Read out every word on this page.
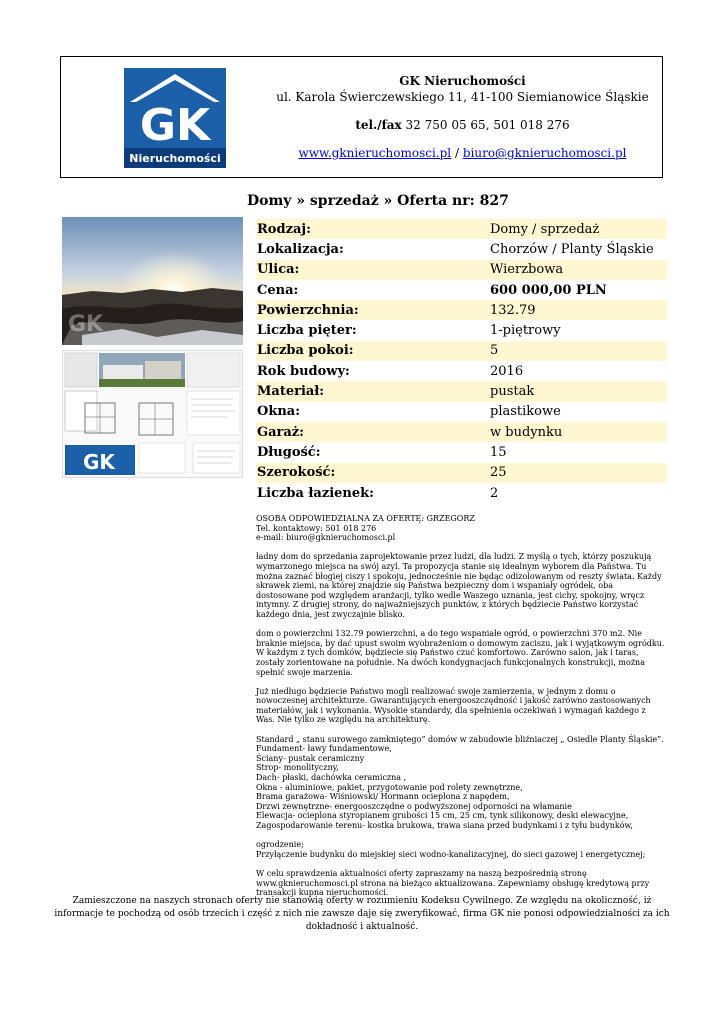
GK
Nieruchomości
GK Nieruchomości
ul. Karola Świerczewskiego 11, 41-100 Siemianowice Śląskie
tel./fax 32 750 05 65, 501 018 276
www.gknieruchomosci.pl / biuro@gknieruchomosci.pl
Domy » sprzedaż » Oferta nr: 827
GK
GK
Rodzaj:	Domy / sprzedaż
Lokalizacja:	Chorzów / Planty Śląskie
Ulica:	Wierzbowa
Cena:	600 000,00 PLN
Powierzchnia:	132.79
Liczba pięter:	1-piętrowy
Liczba pokoi:	5
Rok budowy:	2016
Materiał:	pustak
Okna:	plastikowe
Garaż:	w budynku
Długość:	15
Szerokość:	25
Liczba łazienek:	2

OSOBA ODPOWIEDZIALNA ZA OFERTĘ: GRZEGORZ
Tel. kontaktowy: 501 018 276
e-mail: biuro@gknieruchomosci.pl

ładny dom do sprzedania zaprojektowanie przez ludzi, dla ludzi. Z myślą o tych, którzy poszukują wymarzonego miejsca na swój azyl. Ta propozycja stanie się idealnym wyborem dla Państwa. Tu można zaznać błogiej ciszy i spokoju, jednocześnie nie będąc odizolowanym od reszty świata. Każdy skrawek ziemi, na której znajdzie się Państwa bezpieczny dom i wspaniały ogródek, oba dostosowane pod względem aranżacji, tylko wedle Waszego uznania, jest cichy, spokojny, wręcz intymny. Z drugiej strony, do najważniejszych punktów, z których będziecie Państwo korzystać każdego dnia, jest zwyczajnie blisko.

dom o powierzchni 132.79 powierzchni, a do tego wspaniałe ogród, o powierzchni 370 m2. Nie braknie miejsca, by dać upust swoim wyobrażeniom o domowym zaciszu, jak i wyjątkowym ogródku. W każdym z tych domków, będziecie się Państwo czuć komfortowo. Zarówno salon, jak i taras, zostały zorientowane na południe. Na dwóch kondygnacjach funkcjonalnych konstrukcji, można spełnić swoje marzenia.

Już niedługo będziecie Państwo mogli realizować swoje zamierzenia, w jednym z domu o nowoczesnej architekturze. Gwarantujących energooszczędność i jakość zarówno zastosowanych materiałów, jak i wykonania. Wysokie standardy, dla spełnienia oczekiwań i wymagań każdego z Was. Nie tylko ze względu na architekturę.

Standard „ stanu surowego zamkniętego” domów w zabudowie bliźniaczej „ Osiedle Planty Śląskie”.
Fundament- ławy fundamentowe,
Ściany- pustak ceramiczny
Strop- monolityczny,
Dach- płaski, dachówka ceramiczna ,
Okna - aluminiowe, pakiet, przygotowanie pod rolety zewnętrzne,
Brama garażowa- Wiśniowski/ Hormann ocieplona z napędem,
Drzwi zewnętrzne- energooszczędne o podwyższonej odporności na włamanie
Elewacja- ocieplona styropianem grubości 15 cm, 25 cm, tynk silikonowy, deski elewacyjne,
Zagospodarowanie terenu- kostka brukowa, trawa siana przed budynkami i z tyłu budynków,

ogrodzenie;
Przyłączenie budynku do miejskiej sieci wodno-kanalizacyjnej, do sieci gazowej i energetycznej;

W celu sprawdzenia aktualności oferty zapraszamy na naszą bezpośrednią stronę www.gknieruchomosci.pl strona na bieżąco aktualizowana. Zapewniamy obsługę kredytową przy transakcji kupna nieruchomości.

Zamieszczone na naszych stronach oferty nie stanowią oferty w rozumieniu Kodeksu Cywilnego. Ze względu na okoliczność, iż informacje te pochodzą od osób trzecich i część z nich nie zawsze daje się zweryfikować, firma GK nie ponosi odpowiedzialności za ich dokładność i aktualność.
